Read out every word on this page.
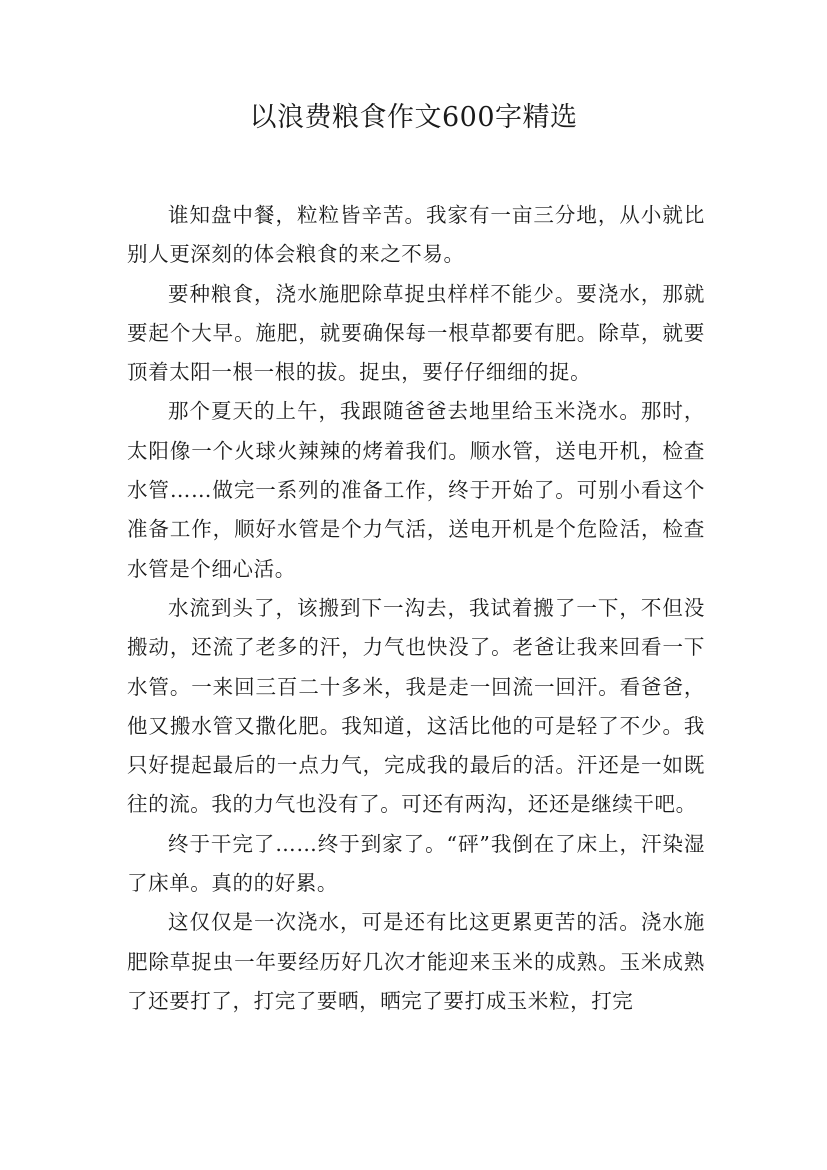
以浪费粮食作文600字精选

谁知盘中餐，粒粒皆辛苦。我家有一亩三分地，从小就比别人更深刻的体会粮食的来之不易。

要种粮食，浇水施肥除草捉虫样样不能少。要浇水，那就要起个大早。施肥，就要确保每一根草都要有肥。除草，就要顶着太阳一根一根的拔。捉虫，要仔仔细细的捉。

那个夏天的上午，我跟随爸爸去地里给玉米浇水。那时，太阳像一个火球火辣辣的烤着我们。顺水管，送电开机，检查水管……做完一系列的准备工作，终于开始了。可别小看这个准备工作，顺好水管是个力气活，送电开机是个危险活，检查水管是个细心活。

水流到头了，该搬到下一沟去，我试着搬了一下，不但没搬动，还流了老多的汗，力气也快没了。老爸让我来回看一下水管。一来回三百二十多米，我是走一回流一回汗。看爸爸，他又搬水管又撒化肥。我知道，这活比他的可是轻了不少。我只好提起最后的一点力气，完成我的最后的活。汗还是一如既往的流。我的力气也没有了。可还有两沟，还还是继续干吧。

终于干完了……终于到家了。“砰”我倒在了床上，汗染湿了床单。真的的好累。

这仅仅是一次浇水，可是还有比这更累更苦的活。浇水施肥除草捉虫一年要经历好几次才能迎来玉米的成熟。玉米成熟了还要打了，打完了要晒，晒完了要打成玉米粒，打完
